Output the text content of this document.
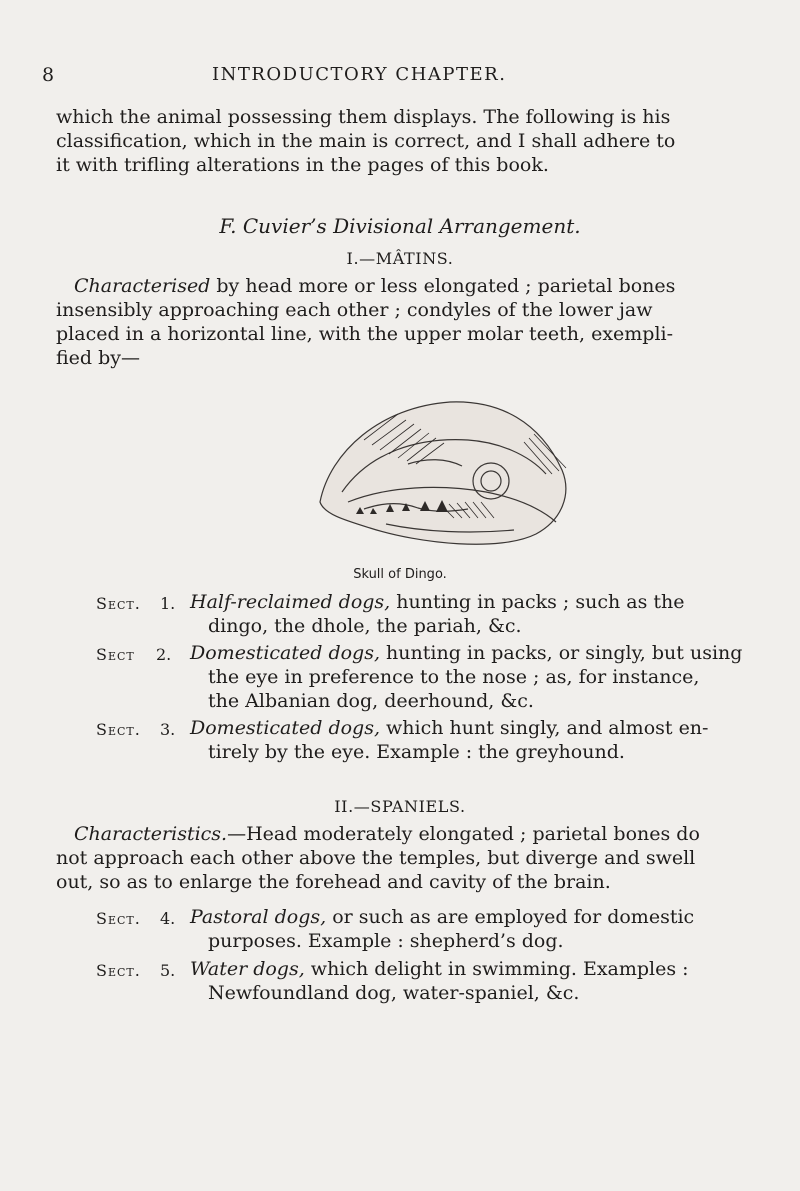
8	INTRODUCTORY CHAPTER.
which the animal possessing them displays. The following is his
classification, which in the main is correct, and I shall adhere to
it with trifling alterations in the pages of this book.
F. Cuvier’s Divisional Arrangement.
I.—MÂTINS.
Characterised by head more or less elongated ; parietal bones
insensibly approaching each other ; condyles of the lower jaw
placed in a horizontal line, with the upper molar teeth, exempli-
fied by—
Skull of Dingo.
Sect. 1. Half-reclaimed dogs, hunting in packs ; such as the
dingo, the dhole, the pariah, &c.
Sect 2. Domesticated dogs, hunting in packs, or singly, but using
the eye in preference to the nose ; as, for instance,
the Albanian dog, deerhound, &c.
Sect. 3. Domesticated dogs, which hunt singly, and almost en-
tirely by the eye. Example : the greyhound.
II.—SPANIELS.
Characteristics.—Head moderately elongated ; parietal bones do
not approach each other above the temples, but diverge and swell
out, so as to enlarge the forehead and cavity of the brain.
Sect. 4. Pastoral dogs, or such as are employed for domestic
purposes. Example : shepherd’s dog.
Sect. 5. Water dogs, which delight in swimming. Examples :
Newfoundland dog, water-spaniel, &c.
